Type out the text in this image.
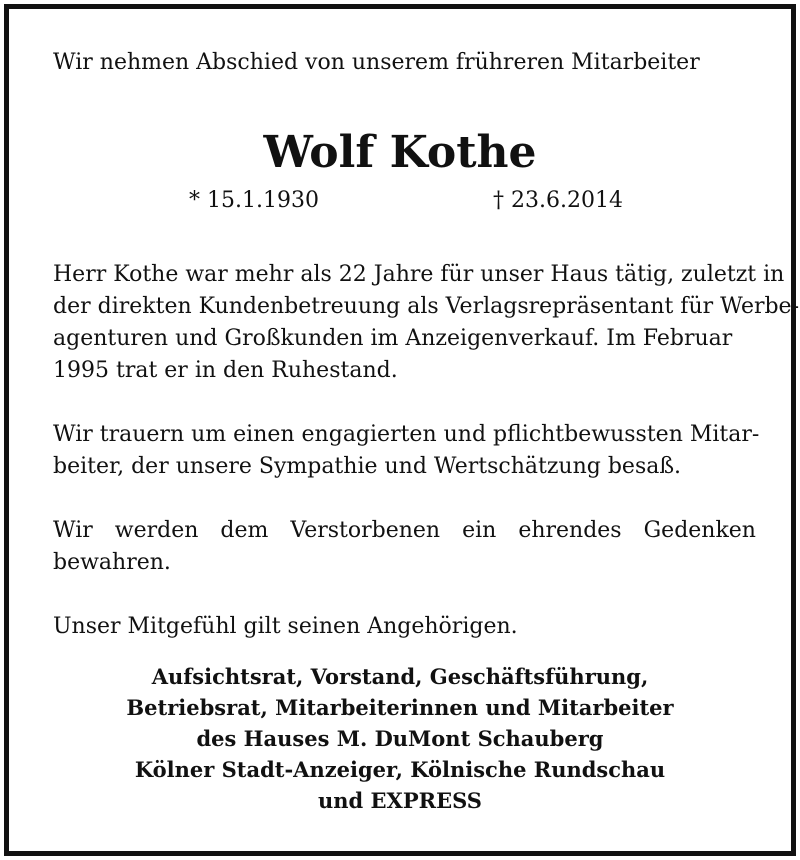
Wir nehmen Abschied von unserem frühreren Mitarbeiter
Wolf Kothe
* 15.1.1930	† 23.6.2014
Herr Kothe war mehr als 22 Jahre für unser Haus tätig, zuletzt in
der direkten Kundenbetreuung als Verlagsrepräsentant für Werbe-
agenturen und Großkunden im Anzeigenverkauf. Im Februar
1995 trat er in den Ruhestand.
Wir trauern um einen engagierten und pflichtbewussten Mitar-
beiter, der unsere Sympathie und Wertschätzung besaß.
Wir werden dem Verstorbenen ein ehrendes Gedenken
bewahren.
Unser Mitgefühl gilt seinen Angehörigen.
Aufsichtsrat, Vorstand, Geschäftsführung,
Betriebsrat, Mitarbeiterinnen und Mitarbeiter
des Hauses M. DuMont Schauberg
Kölner Stadt-Anzeiger, Kölnische Rundschau
und EXPRESS
